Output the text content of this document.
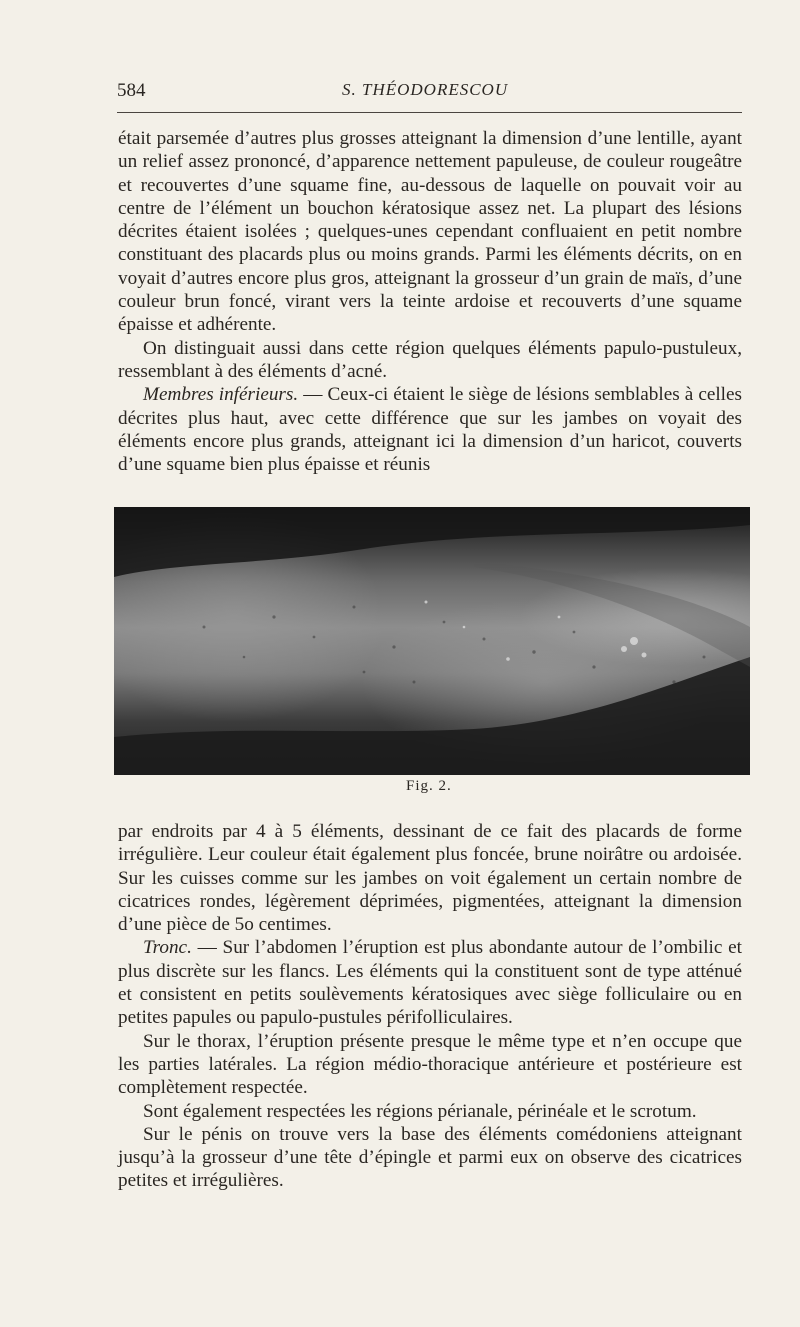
584	S. THÉODORESCOU

était parsemée d’autres plus grosses atteignant la dimension d’une lentille, ayant un relief assez prononcé, d’apparence nettement papuleuse, de couleur rougeâtre et recouvertes d’une squame fine, au-dessous de laquelle on pouvait voir au centre de l’élément un bouchon kératosique assez net. La plupart des lésions décrites étaient isolées ; quelques-unes cependant confluaient en petit nombre constituant des placards plus ou moins grands. Parmi les éléments décrits, on en voyait d’autres encore plus gros, atteignant la grosseur d’un grain de maïs, d’une couleur brun foncé, virant vers la teinte ardoise et recouverts d’une squame épaisse et adhérente.

On distinguait aussi dans cette région quelques éléments papulo-pustuleux, ressemblant à des éléments d’acné.

Membres inférieurs. — Ceux-ci étaient le siège de lésions semblables à celles décrites plus haut, avec cette différence que sur les jambes on voyait des éléments encore plus grands, atteignant ici la dimension d’un haricot, couverts d’une squame bien plus épaisse et réunis

Fig. 2.

par endroits par 4 à 5 éléments, dessinant de ce fait des placards de forme irrégulière. Leur couleur était également plus foncée, brune noirâtre ou ardoisée. Sur les cuisses comme sur les jambes on voit également un certain nombre de cicatrices rondes, légèrement déprimées, pigmentées, atteignant la dimension d’une pièce de 5o centimes.

Tronc. — Sur l’abdomen l’éruption est plus abondante autour de l’ombilic et plus discrète sur les flancs. Les éléments qui la constituent sont de type atténué et consistent en petits soulèvements kératosiques avec siège folliculaire ou en petites papules ou papulo-pustules périfolliculaires.

Sur le thorax, l’éruption présente presque le même type et n’en occupe que les parties latérales. La région médio-thoracique antérieure et postérieure est complètement respectée.

Sont également respectées les régions périanale, périnéale et le scrotum.

Sur le pénis on trouve vers la base des éléments comédoniens atteignant jusqu’à la grosseur d’une tête d’épingle et parmi eux on observe des cicatrices petites et irrégulières.
